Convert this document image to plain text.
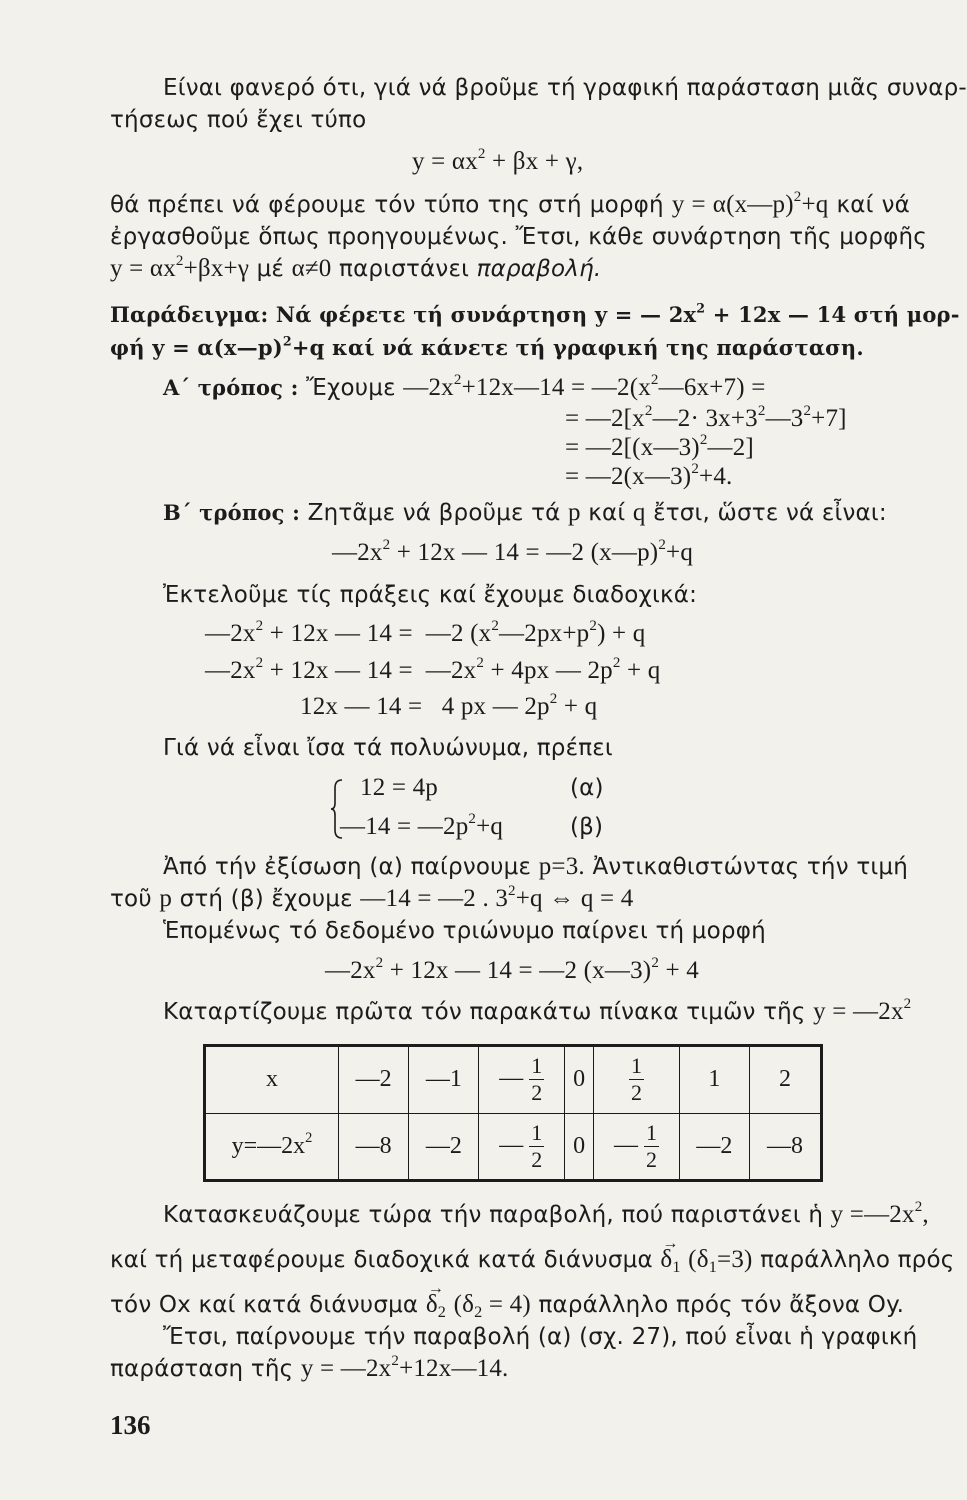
Είναι φανερό ότι, γιά νά βροῦμε τή γραφική παράσταση μιᾶς συναρ-
τήσεως πού ἔχει τύπο
$y = \alpha x^2 + \beta x + \gamma$,
θά πρέπει νά φέρουμε τόν τύπο της στή μορφή y = α(x—p)$^2$+q καί νά
ἐργασθοῦμε ὅπως προηγουμένως. Ἔτσι, κάθε συνάρτηση τῆς μορφῆς
$y = \alpha x^2+\beta x+\gamma$ μέ α≠0 παριστάνει παραβολή.
Παράδειγμα: Νά φέρετε τή συνάρτηση y = — $2x^2 + 12x$ — 14 στή μορ-
φή y = α(x—p)$^2$+q καί νά κάνετε τή γραφική της παράσταση.
Α΄ τρόπος : Ἔχουμε $—2x^2+12x—14$ = $—2(x^2—6x+7)$ =
= $—2[x^2—2\cdot$ $3x+3^2—3^2+7$]
= —2[(x—3)$^2$—2]
= —2(x—3)$^2$+4.
Β΄ τρόπος : Ζητᾶμε νά βροῦμε τά p καί q ἔτσι, ὥστε νά εἶναι:
$—2x^2 + 12x$ — 14 = —2 (x—p)$^2$+q
Ἐκτελοῦμε τίς πράξεις καί ἔχουμε διαδοχικά:
$—2x^2 + 12x$ — 14 =  —2 $(x^2—2px+p^2) + q$
$—2x^2 + 12x$ — $14 = —2x^2 + 4px$ — $2p^2 + q$
12x — 14 =   4 px — $2p^2 + q$
Γιά νά εἶναι ἴσα τά πολυώνυμα, πρέπει
12 = 4p	(α)
—14 = $—2p^2+q$	(β)
Ἀπό τήν ἐξίσωση (α) παίρνουμε p=3. Ἀντικαθιστώντας τήν τιμή
τοῦ p στή (β) ἔχουμε —14 = —2 . $3^2+q$ ⇔ q = 4
Ἑπομένως τό δεδομένο τριώνυμο παίρνει τή μορφή
$—2x^2 + 12x$ — 14 = —2 (x—3)$^2$ + 4
Καταρτίζουμε πρῶτα τόν παρακάτω πίνακα τιμῶν τῆς $y = —2x^2$
x	—2	—1	— $\frac{1}{2}$	0	$\frac{1}{2}$	1	2
$y=—2x^2$	—8	—2	— $\frac{1}{2}$	0	— $\frac{1}{2}$	—2	—8
Κατασκευάζουμε τώρα τήν παραβολή, πού παριστάνει ἡ $y =—2x^2$,
καί τή μεταφέρουμε διαδοχικά κατά $\delta\iota ά\nu\upsilon\sigma\mu\alpha \to \delta_1$ $(\delta_1=3)$ παράλληλο πρός
τόν Ox καί κατά $\delta\iota ά\nu\upsilon\sigma\mu\alpha \to \delta_2$ $(\delta_2 = 4)$ παράλληλο πρός τόν ἄξονα Oy.
Ἔτσι, παίρνουμε τήν παραβολή (α) (σχ. 27), πού εἶναι ἡ γραφική
παράσταση τῆς $y = —2x^2+12x—14$.
136
